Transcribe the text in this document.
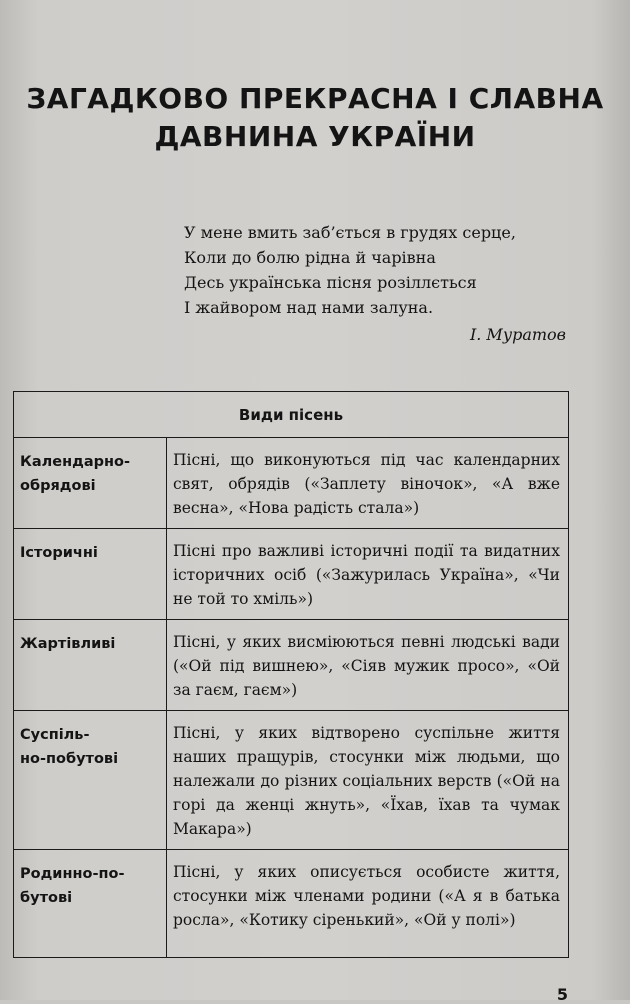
ЗАГАДКОВО ПРЕКРАСНА І СЛАВНА
ДАВНИНА УКРАЇНИ
У мене вмить заб’ється в грудях серце,
Коли до болю рідна й чарівна
Десь українська пісня розіллється
І жайвором над нами залуна.
І. Муратов
Види пісень	
Календарно-
обрядові	Пісні, що виконуються під час календарних свят, обрядів («Заплету віночок», «А вже весна», «Нова радість стала»)
Історичні	Пісні про важливі історичні події та видатних історичних осіб («Зажурилась Україна», «Чи не той то хміль»)
Жартівливі	Пісні, у яких висміюються певні людські вади («Ой під вишнею», «Сіяв мужик просо», «Ой за гаєм, гаєм»)
Суспіль-
но-побутові	Пісні, у яких відтворено суспільне життя наших пращурів, стосунки між людьми, що належали до різних соціальних верств («Ой на горі да женці жнуть», «Їхав, їхав та чумак Макара»)
Родинно-по-
бутові	Пісні, у яких описується особисте життя, стосунки між членами родини («А я в батька росла», «Котику сіренький», «Ой у полі»)
5
